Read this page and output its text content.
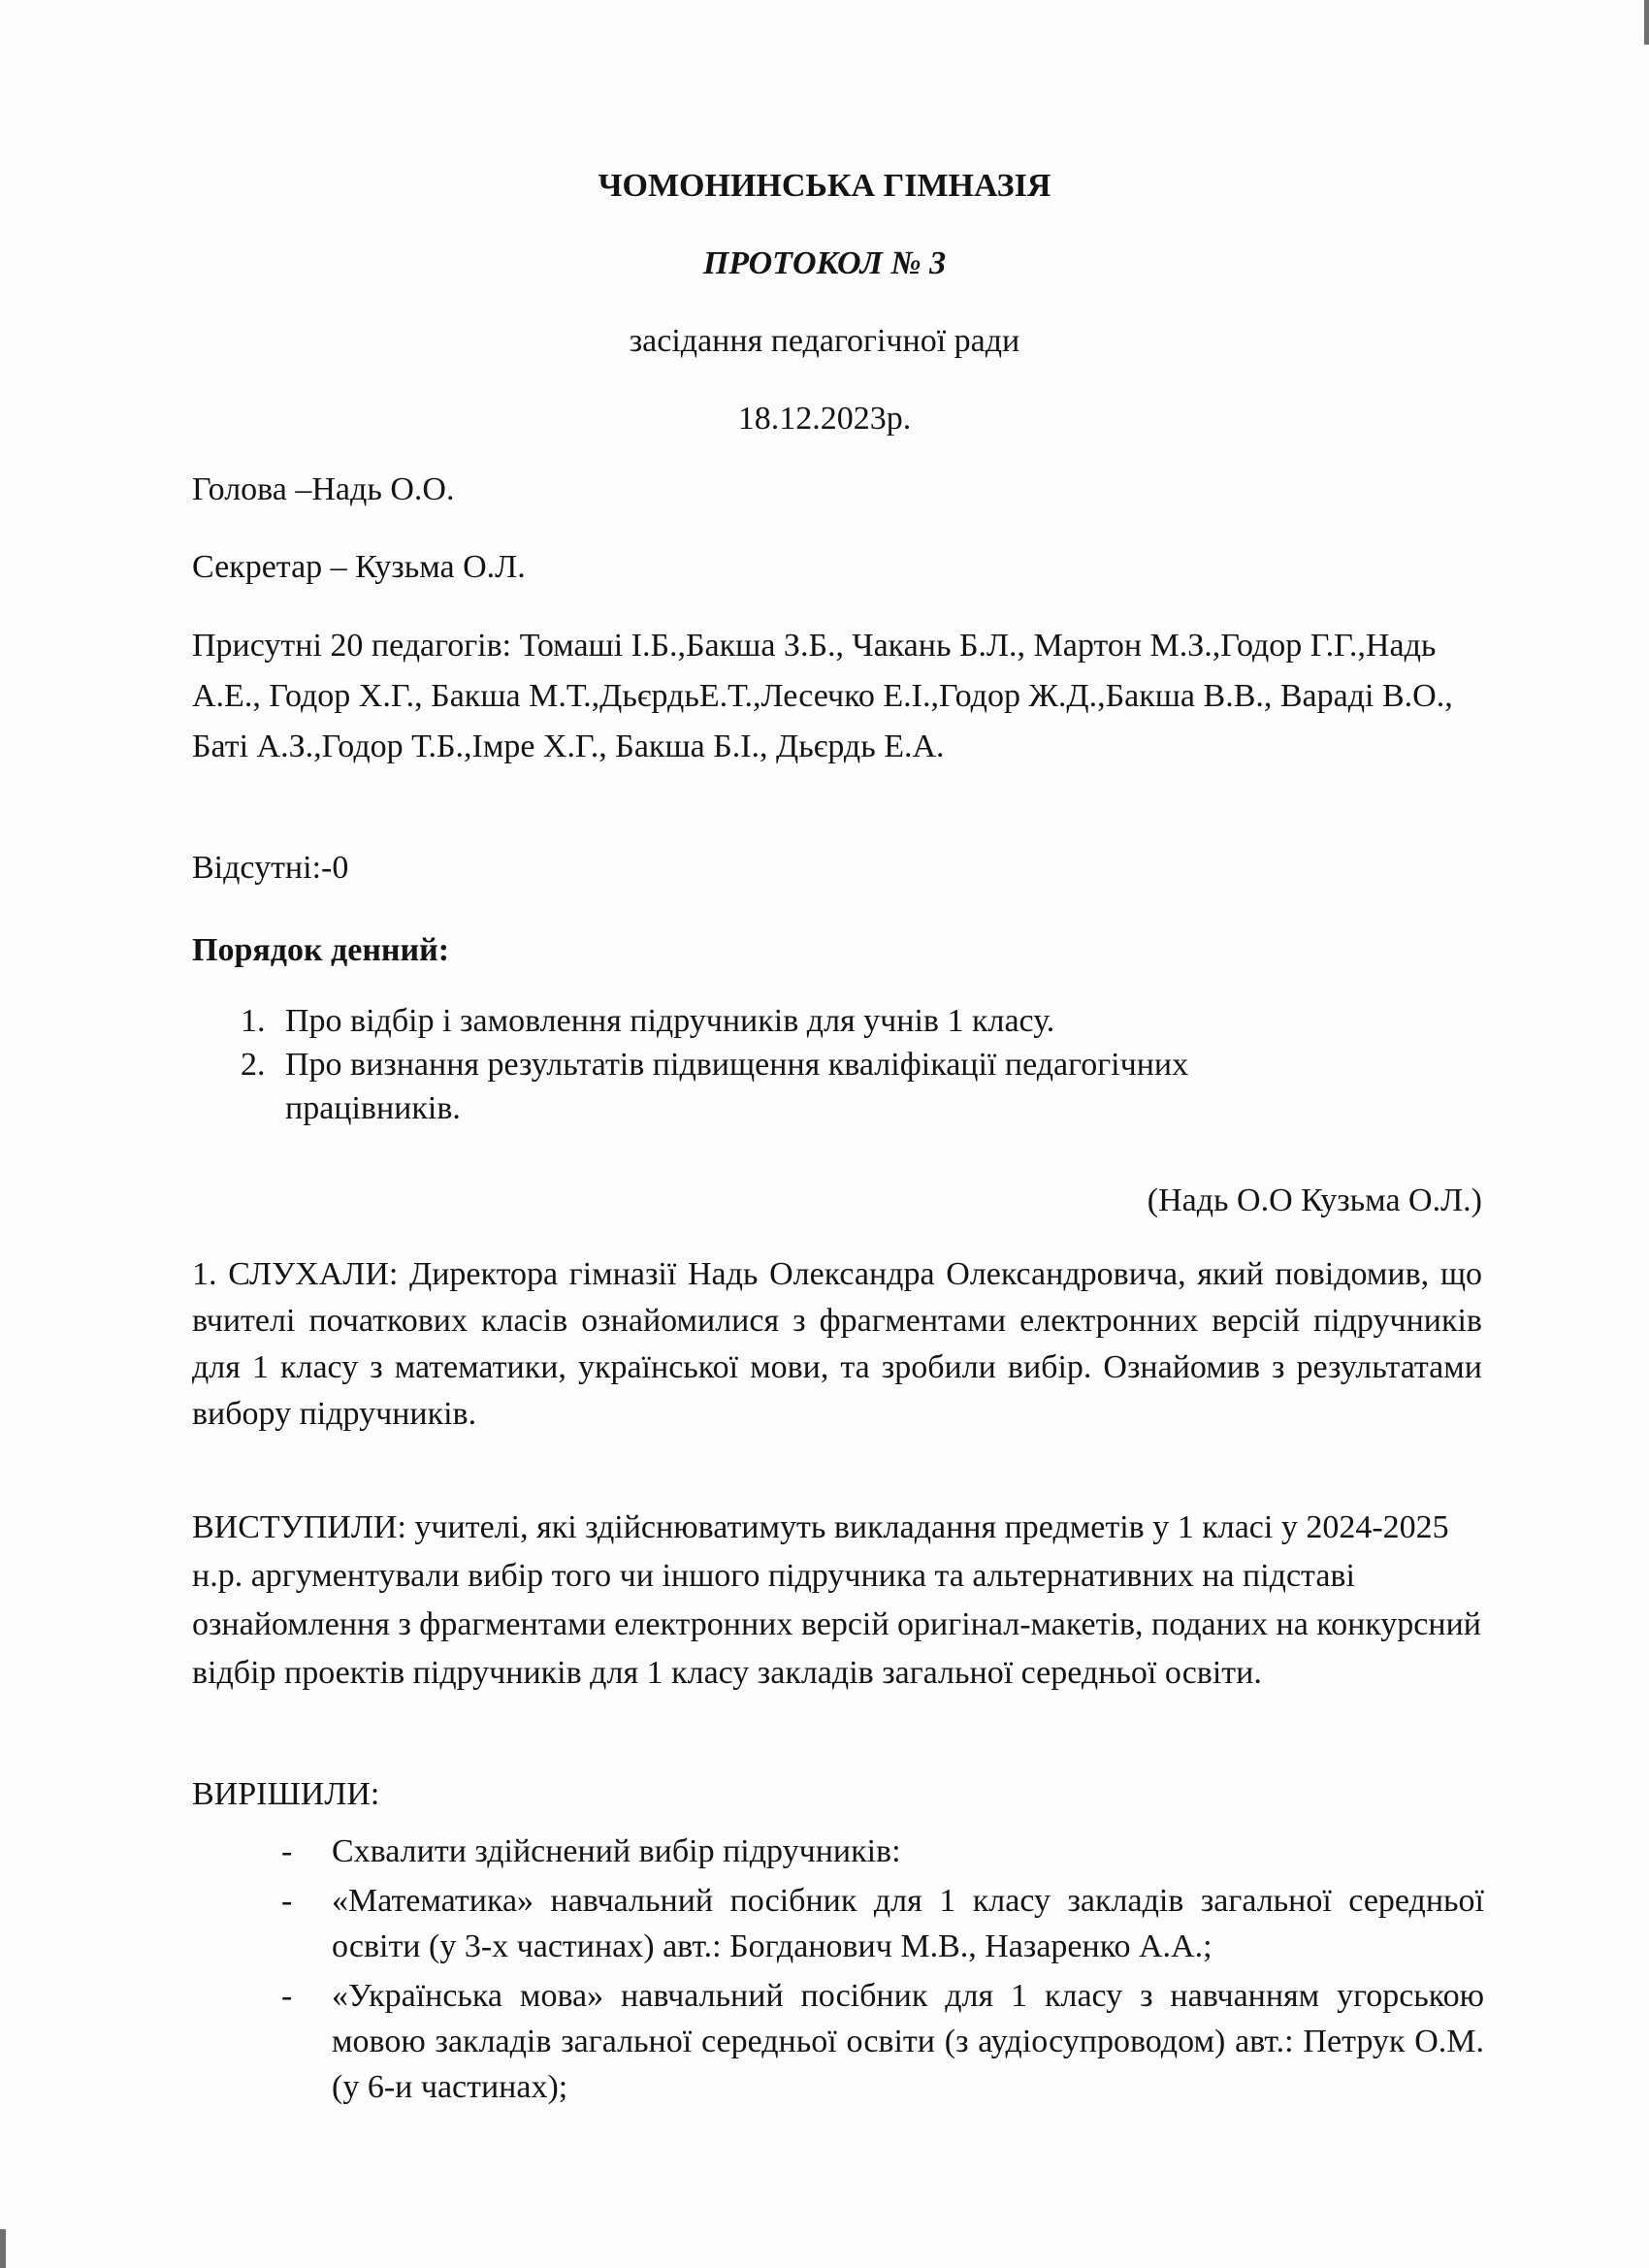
ЧОМОНИНСЬКА ГІМНАЗІЯ
ПРОТОКОЛ № 3
засідання педагогічної ради
18.12.2023р.
Голова –Надь О.О.
Секретар – Кузьма О.Л.
Присутні 20 педагогів: Томаші І.Б.,Бакша З.Б., Чакань Б.Л., Мартон М.З.,Годор Г.Г.,Надь А.Е., Годор Х.Г., Бакша М.Т.,ДьєрдьЕ.Т.,Лесечко Е.І.,Годор Ж.Д.,Бакша В.В., Вараді В.О., Баті А.З.,Годор Т.Б.,Імре Х.Г., Бакша Б.І., Дьєрдь Е.А.
Відсутні:-0
Порядок денний:
1. Про відбір і замовлення підручників для учнів 1 класу.
2. Про визнання результатів підвищення кваліфікації педагогічних працівників.
(Надь О.О Кузьма О.Л.)
1. СЛУХАЛИ: Директора гімназії Надь Олександра Олександровича, який повідомив, що вчителі початкових класів ознайомилися з фрагментами електронних версій підручників для 1 класу з математики, української мови, та зробили вибір. Ознайомив з результатами вибору підручників.
ВИСТУПИЛИ: учителі, які здійснюватимуть викладання предметів у 1 класі у 2024-2025 н.р. аргументували вибір того чи іншого підручника та альтернативних на підставі ознайомлення з фрагментами електронних версій оригінал-макетів, поданих на конкурсний відбір проектів підручників для 1 класу закладів загальної середньої освіти.
ВИРІШИЛИ:
- Схвалити здійснений вибір підручників:
- «Математика» навчальний посібник для 1 класу закладів загальної середньої освіти (у 3-х частинах) авт.: Богданович М.В., Назаренко А.А.;
- «Українська мова» навчальний посібник для 1 класу з навчанням угорською мовою закладів загальної середньої освіти (з аудіосупроводом) авт.: Петрук О.М.(у 6-и частинах);
